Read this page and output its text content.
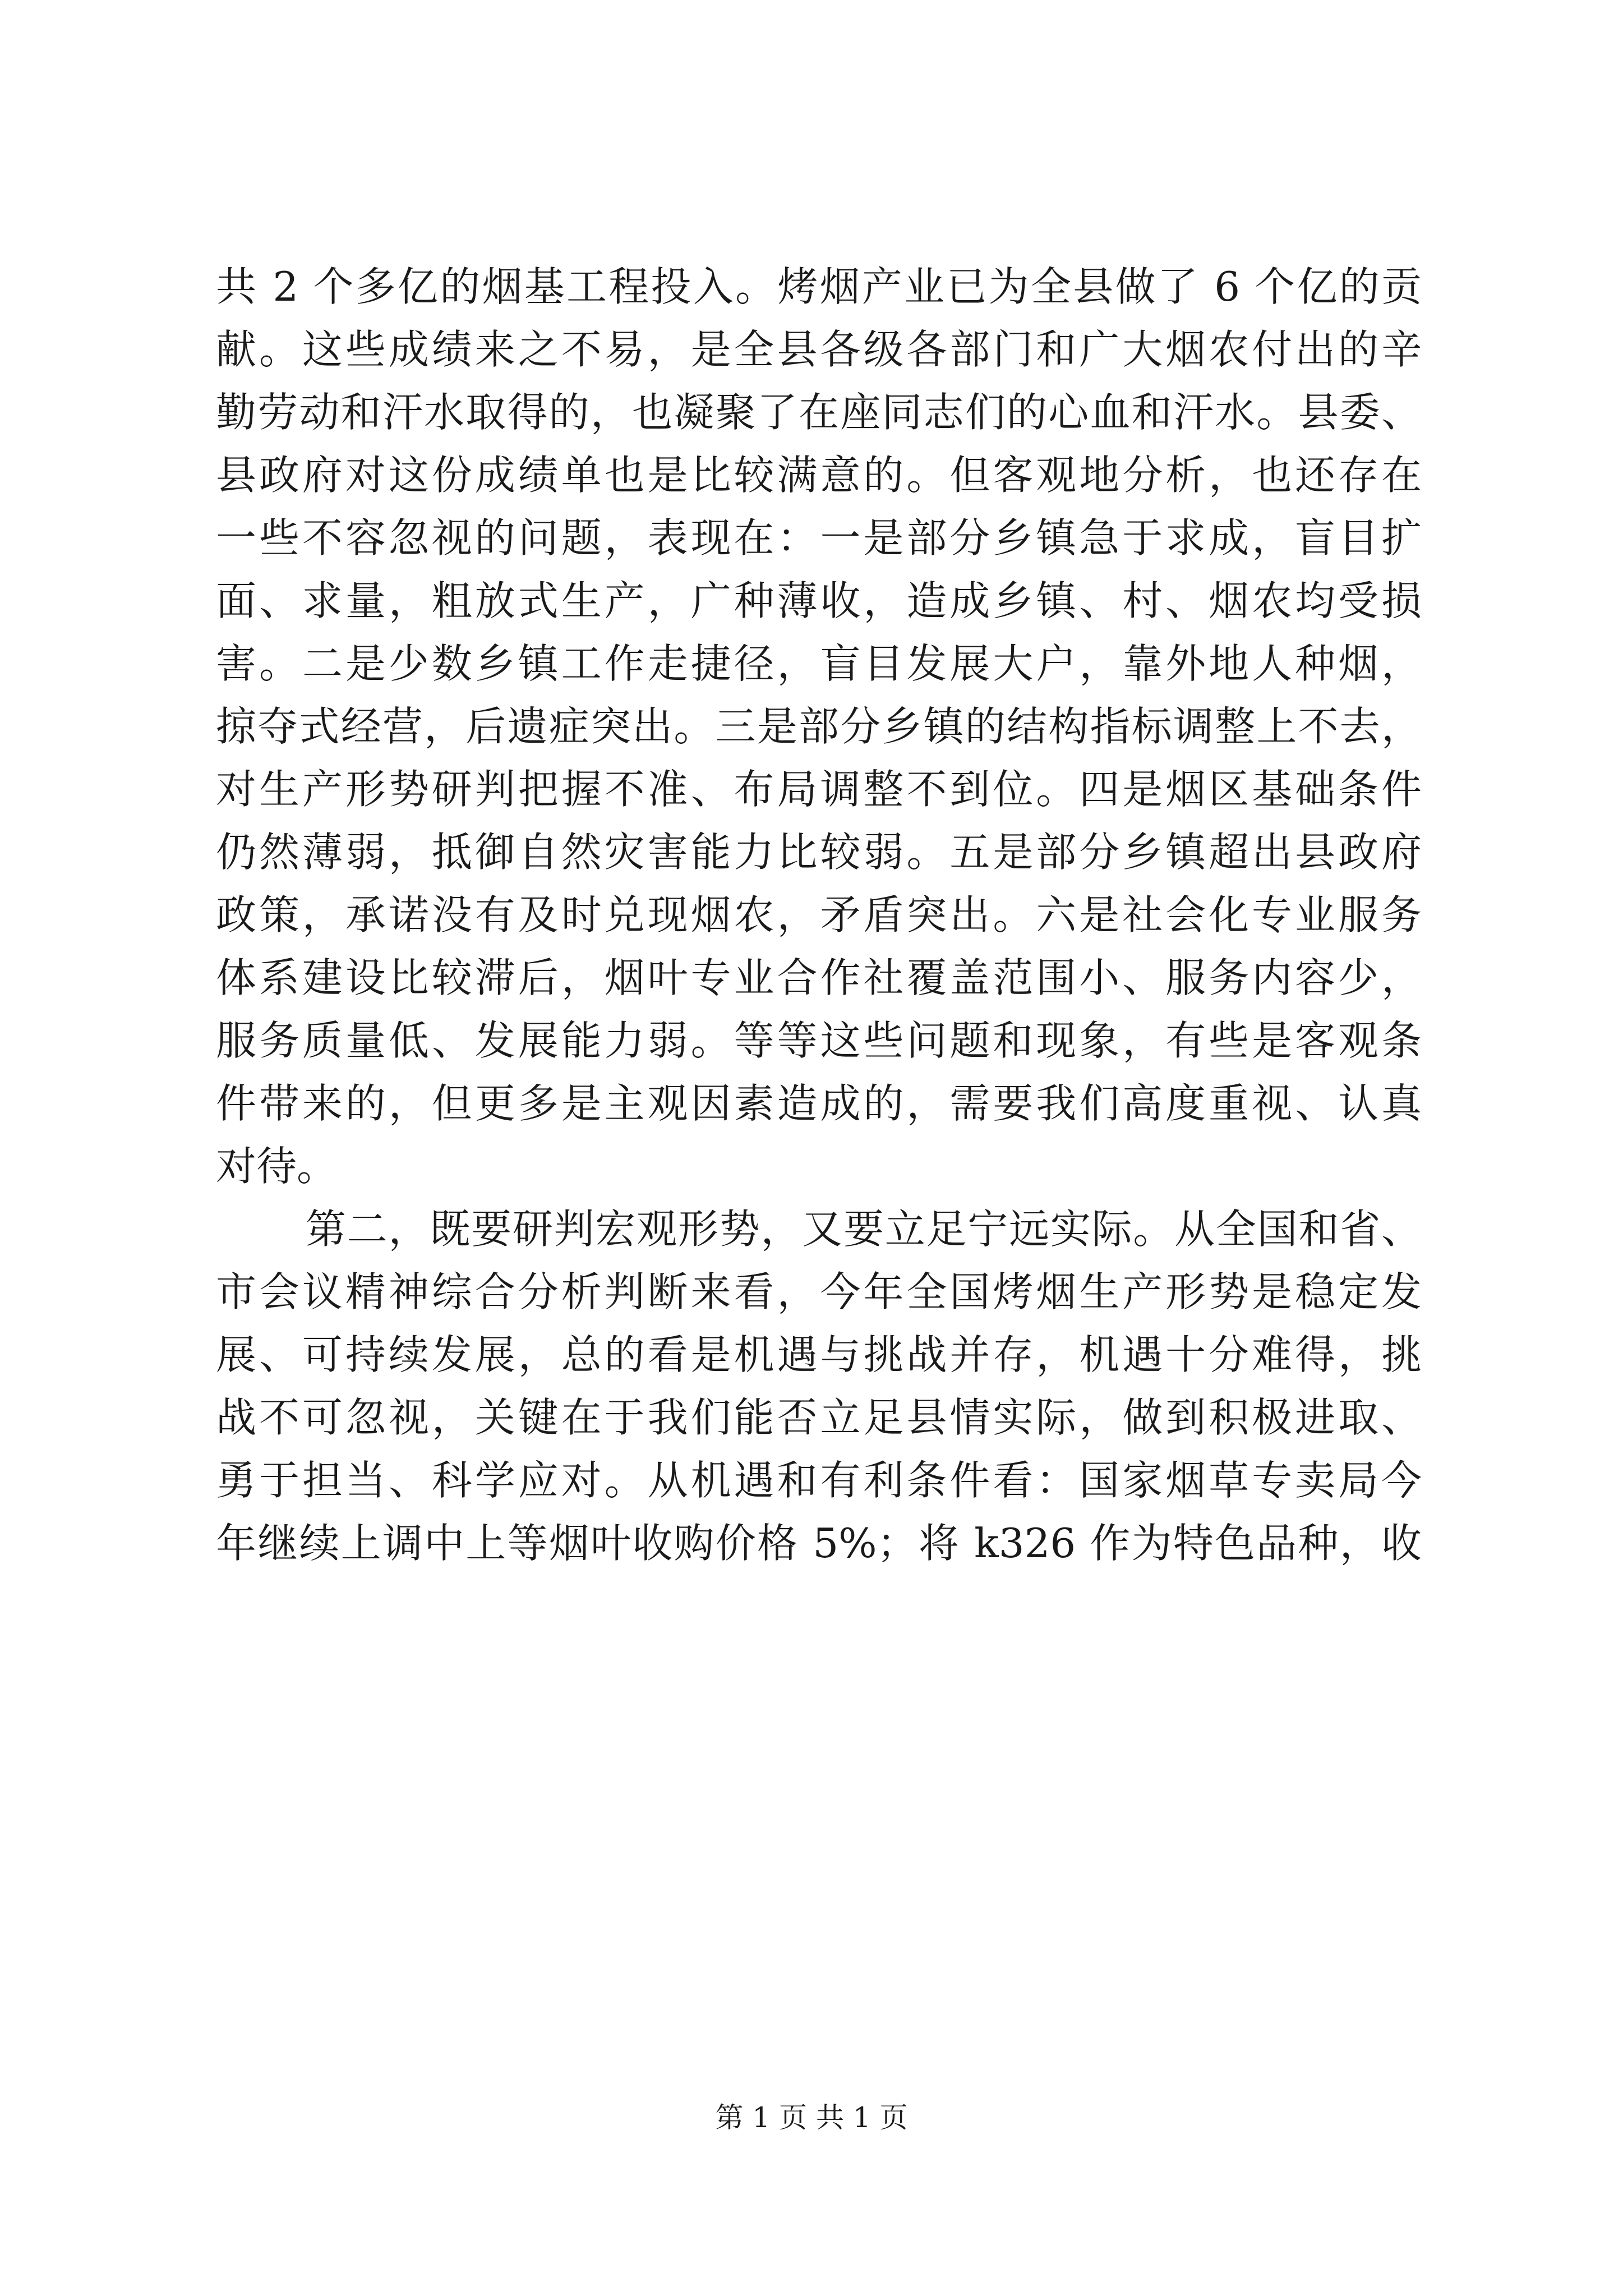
共 2 个多亿的烟基工程投入。烤烟产业已为全县做了 6 个亿的贡
献。这些成绩来之不易，是全县各级各部门和广大烟农付出的辛
勤劳动和汗水取得的，也凝聚了在座同志们的心血和汗水。县委、
县政府对这份成绩单也是比较满意的。但客观地分析，也还存在
一些不容忽视的问题，表现在：一是部分乡镇急于求成，盲目扩
面、求量，粗放式生产，广种薄收，造成乡镇、村、烟农均受损
害。二是少数乡镇工作走捷径，盲目发展大户，靠外地人种烟，
掠夺式经营，后遗症突出。三是部分乡镇的结构指标调整上不去，
对生产形势研判把握不准、布局调整不到位。四是烟区基础条件
仍然薄弱，抵御自然灾害能力比较弱。五是部分乡镇超出县政府
政策，承诺没有及时兑现烟农，矛盾突出。六是社会化专业服务
体系建设比较滞后，烟叶专业合作社覆盖范围小、服务内容少，
服务质量低、发展能力弱。等等这些问题和现象，有些是客观条
件带来的，但更多是主观因素造成的，需要我们高度重视、认真
对待。
第二，既要研判宏观形势，又要立足宁远实际。从全国和省、
市会议精神综合分析判断来看，今年全国烤烟生产形势是稳定发
展、可持续发展，总的看是机遇与挑战并存，机遇十分难得，挑
战不可忽视，关键在于我们能否立足县情实际，做到积极进取、
勇于担当、科学应对。从机遇和有利条件看：国家烟草专卖局今
年继续上调中上等烟叶收购价格 5%；将 k326 作为特色品种，收
第 1 页 共 1 页
